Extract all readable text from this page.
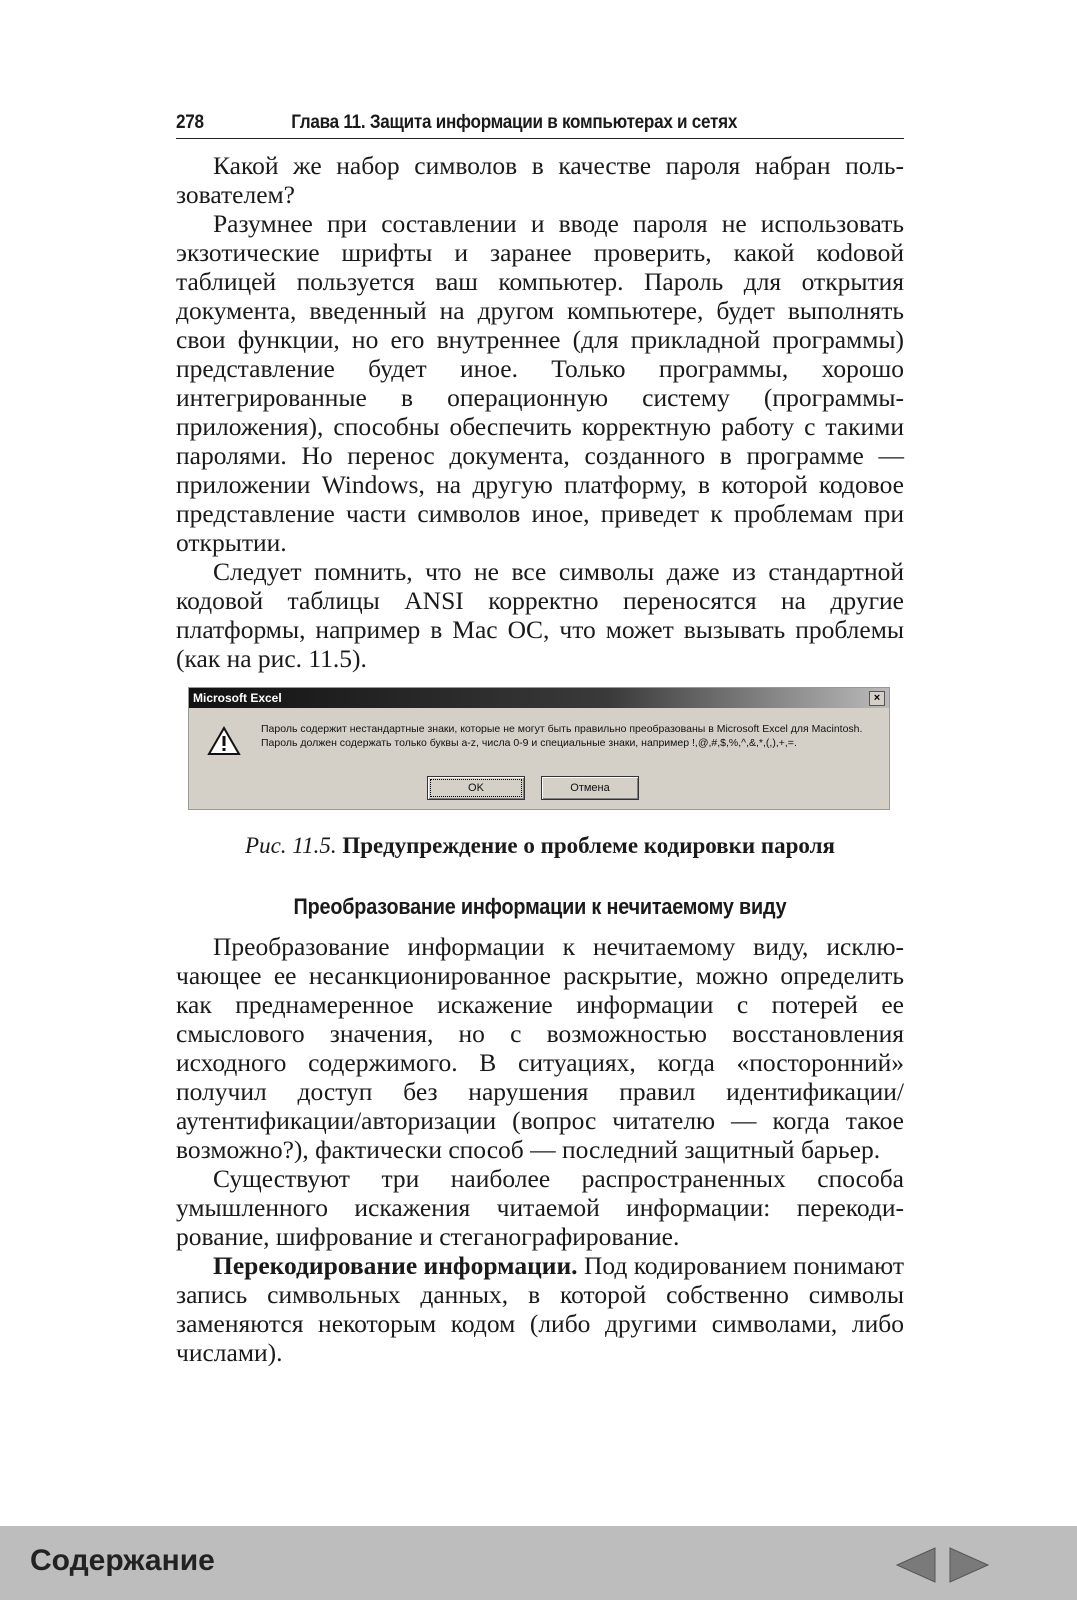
278	Глава 11. Защита информации в компьютерах и сетях

Какой же набор символов в качестве пароля набран пользователем?

Разумнее при составлении и вводе пароля не использовать экзотические шрифты и заранее проверить, какой коdовой таблицей пользуется ваш компьютер. Пароль для открытия документа, введенный на другом компьютере, будет выполнять свои функции, но его внутреннее (для прикладной программы) представление будет иное. Только программы, хорошо интегрированные в операционную систему (программы-приложения), способны обеспечить корректную работу с такими паролями. Но перенос документа, созданного в программе — приложении Windows, на другую платформу, в которой кодовое представление части символов иное, приведет к проблемам при открытии.

Следует помнить, что не все символы даже из стандартной кодовой таблицы ANSI корректно переносятся на другие платформы, например в Mac OC, что может вызывать проблемы (как на рис. 11.5).

Microsoft Excel	×
Пароль содержит нестандартные знаки, которые не могут быть правильно преобразованы в Microsoft Excel для Macintosh. Пароль должен содержать только буквы a-z, числа 0-9 и специальные знаки, например !,@,#,$,%,^,&,*,(,),+,=.
OK	Отмена
Рис. 11.5. Предупреждение о проблеме кодировки пароля
Преобразование информации к нечитаемому виду

Преобразование информации к нечитаемому виду, исключающее ее несанкционированное раскрытие, можно определить как преднамеренное искажение информации с потерей ее смыслового значения, но с возможностью восстановления исходного содержимого. В ситуациях, когда «посторонний» получил доступ без нарушения правил идентификации/аутентификации/авторизации (вопрос читателю — когда такое возможно?), фактически способ — последний защитный барьер.

Существуют три наиболее распространенных способа умышленного искажения читаемой информации: перекодирование, шифрование и стеганографирование.

Перекодирование информации. Под кодированием понимают запись символьных данных, в которой собственно символы заменяются некоторым кодом (либо другими символами, либо числами).

Содержание
